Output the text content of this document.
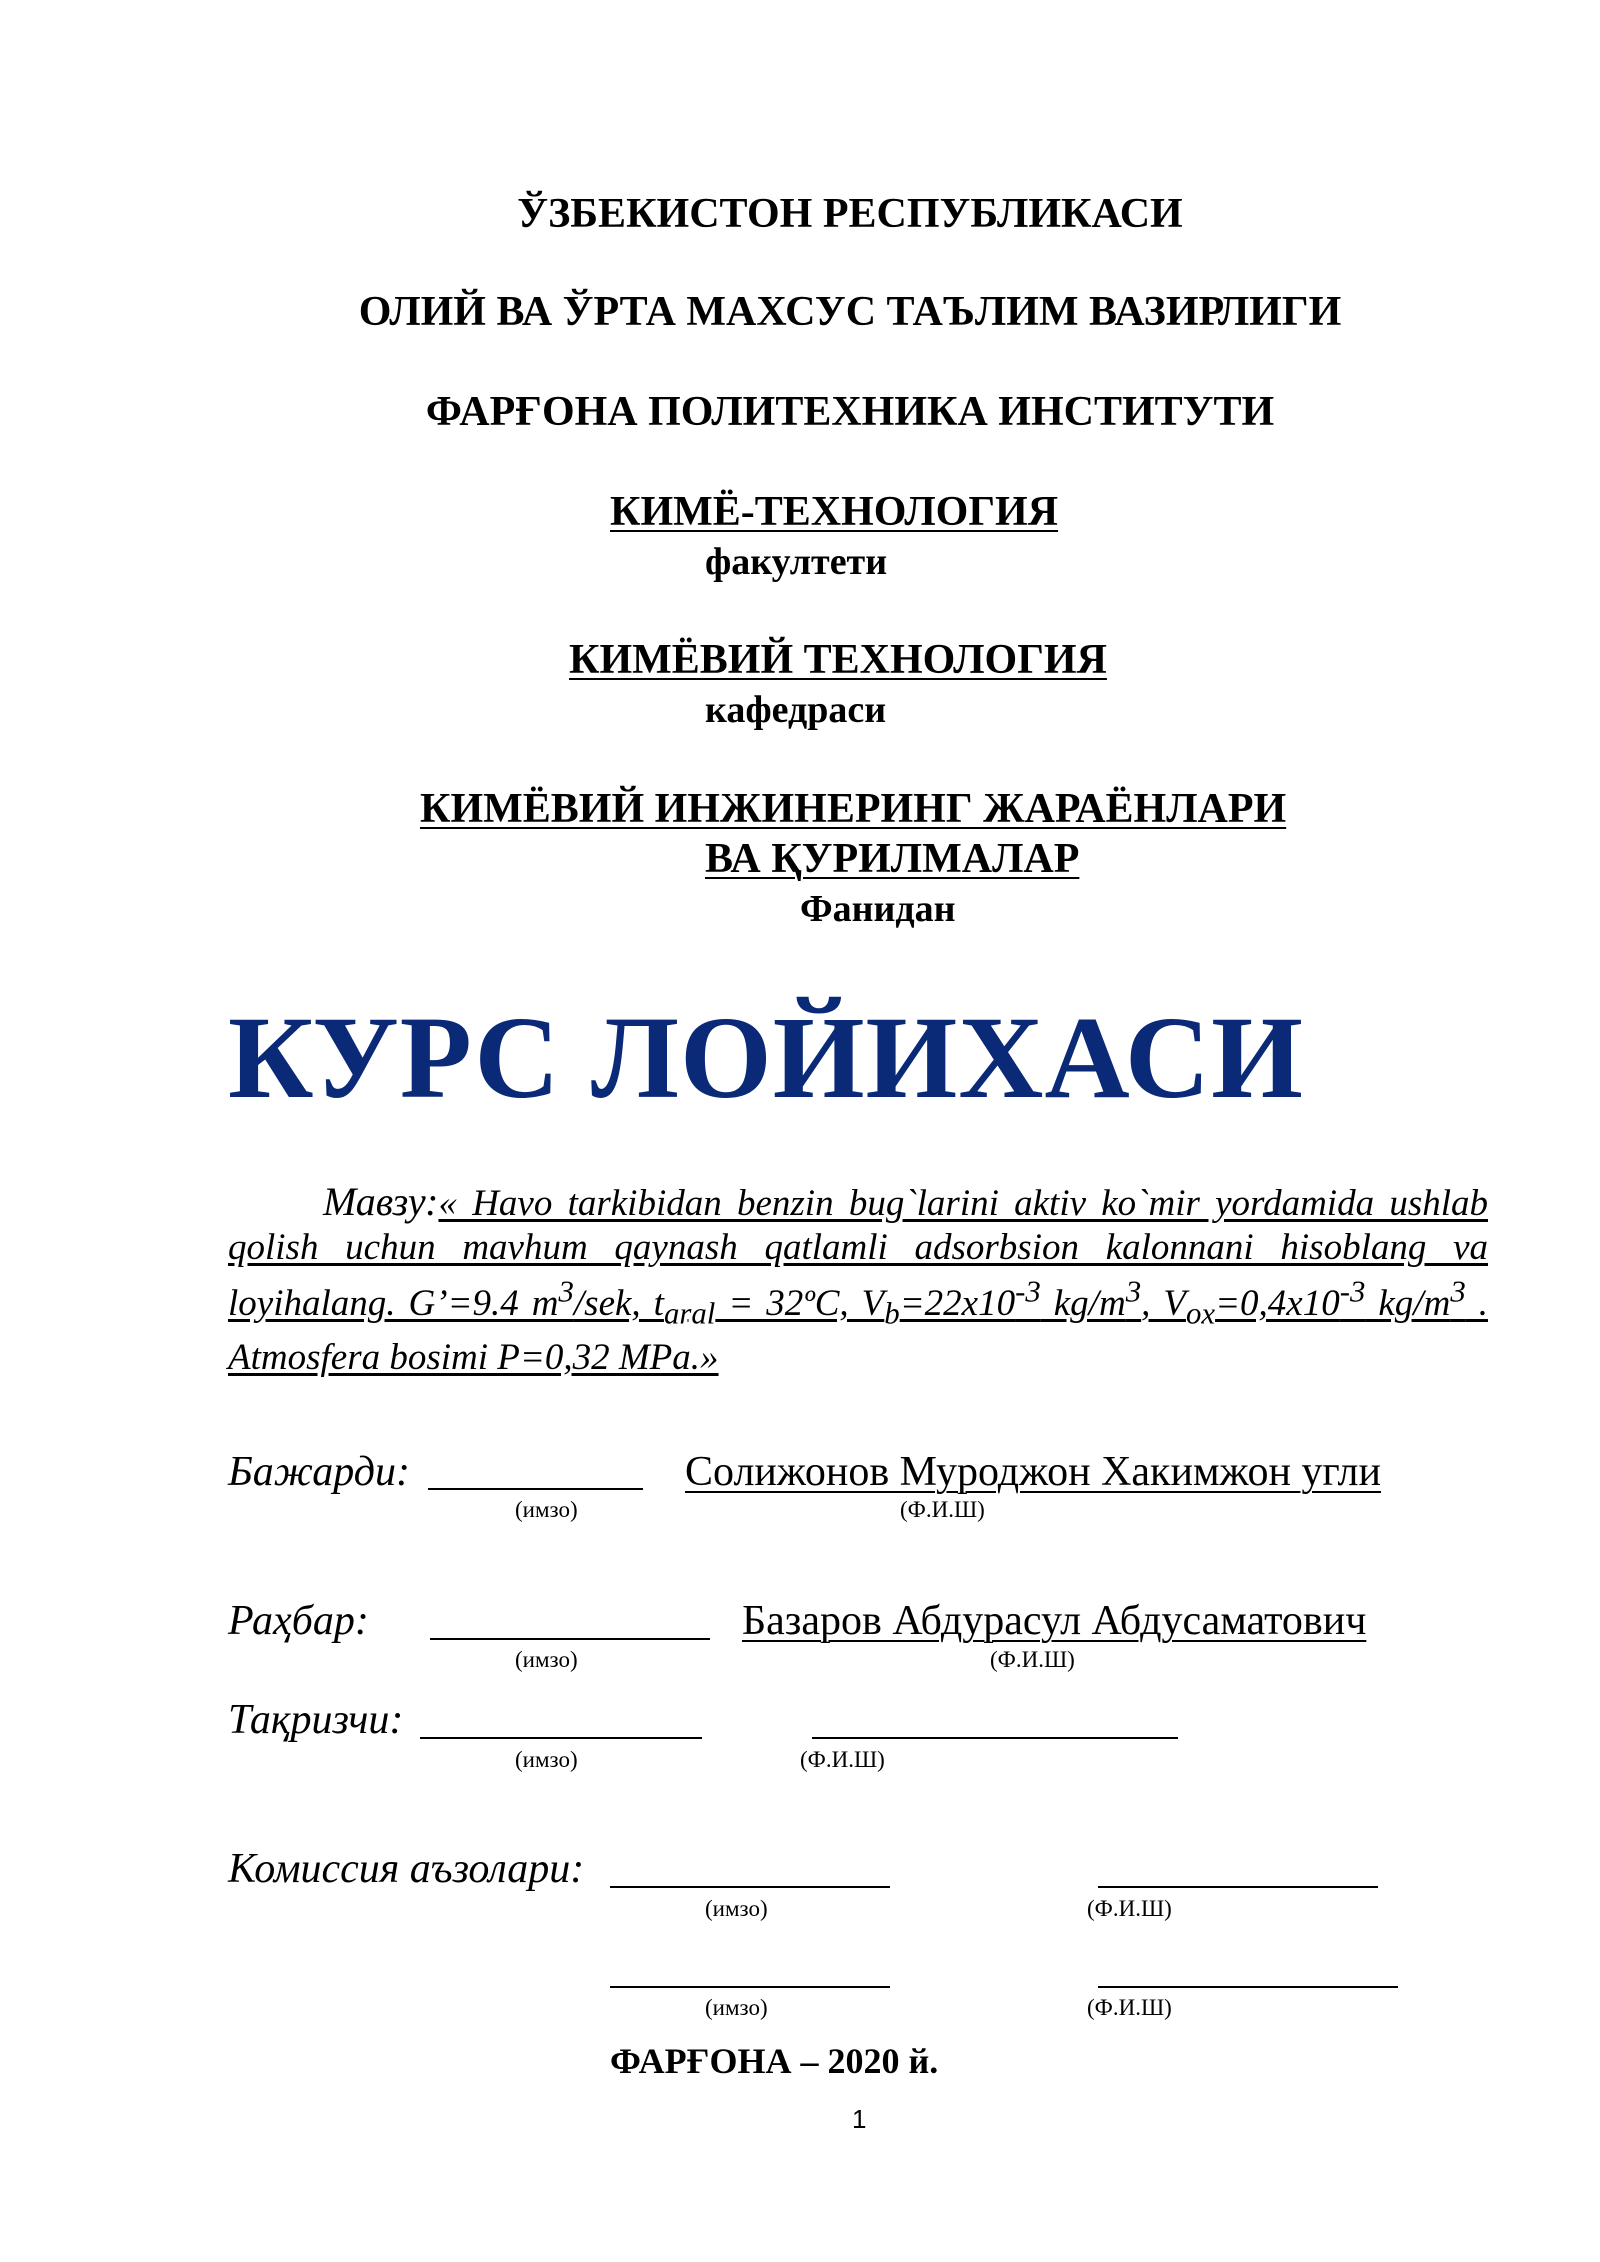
ЎЗБЕКИСТОН РЕСПУБЛИКАСИ
ОЛИЙ ВА ЎРТА МАХСУС ТАЪЛИМ ВАЗИРЛИГИ
ФАРҒОНА ПОЛИТЕХНИКА ИНСТИТУТИ
КИМЁ-ТЕХНОЛОГИЯ
факултети
КИМЁВИЙ ТЕХНОЛОГИЯ
кафедраси
КИМЁВИЙ ИНЖИНЕРИНГ ЖАРАЁНЛАРИ
ВА ҚУРИЛМАЛАР
Фанидан
КУРС ЛОЙИХАСИ
Мавзу:« Havo tarkibidan benzin bug`larini aktiv ko`mir yordamida ushlab qolish uchun mavhum qaynash qatlamli adsorbsion kalonnani hisoblang va loyihalang. G’=9.4 $m^3$/sek, $t_{aral}$ = 32ºC, $V_b=22x10^{-3}$ $kg/m^3$, $V_{ox}=0,4x10^{-3}$ $kg/m^3$ . Atmosfera bosimi P=0,32 MPa.»
Бажарди:	Солижонов Муроджон Хакимжон угли
(имзо)	(Ф.И.Ш)
Раҳбар:	Базаров Абдурасул Абдусаматович
(имзо)	(Ф.И.Ш)
Тақризчи:
(имзо)	(Ф.И.Ш)
Комиссия аъзолари:
(имзо)	(Ф.И.Ш)
(имзо)	(Ф.И.Ш)
ФАРҒОНА – 2020 й.
1
